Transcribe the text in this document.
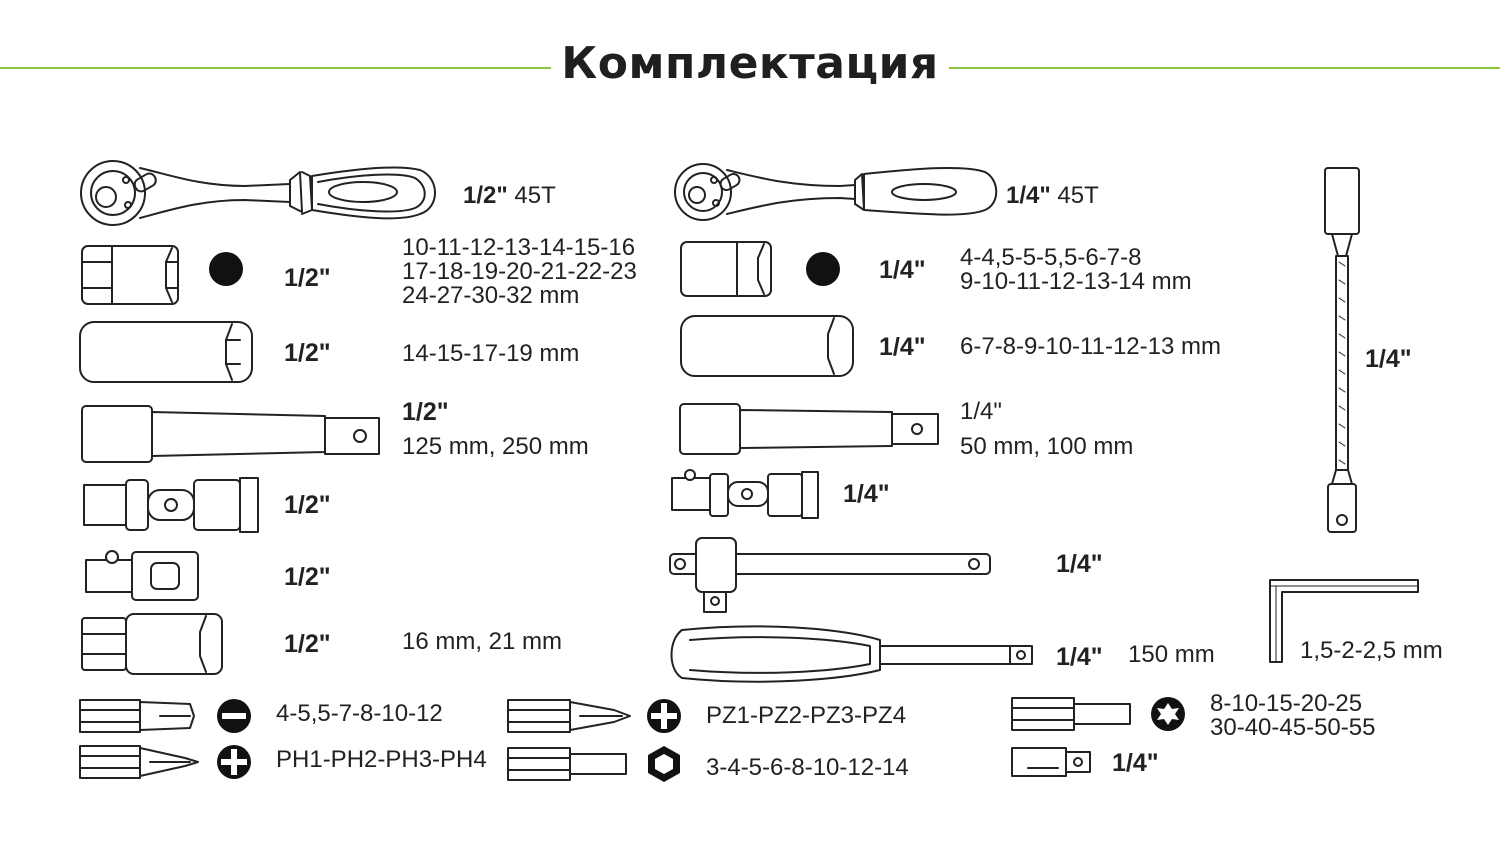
Комплектация
1/2" 45T
1/2"
10-11-12-13-14-15-16
17-18-19-20-21-22-23
24-27-30-32 mm
1/2"	14-15-17-19 mm
1/2"
125 mm, 250 mm
1/2"
1/2"
1/2"	16 mm, 21 mm
1/4" 45T
1/4" 4-4,5-5-5,5-6-7-8
9-10-11-12-13-14 mm
1/4" 6-7-8-9-10-11-12-13 mm
1/4"
50 mm, 100 mm
1/4"
1/4"
1/4" 150 mm
1/4"
1,5-2-2,5 mm
4-5,5-7-8-10-12
PH1-PH2-PH3-PH4
PZ1-PZ2-PZ3-PZ4
3-4-5-6-8-10-12-14
8-10-15-20-25
30-40-45-50-55
1/4"
